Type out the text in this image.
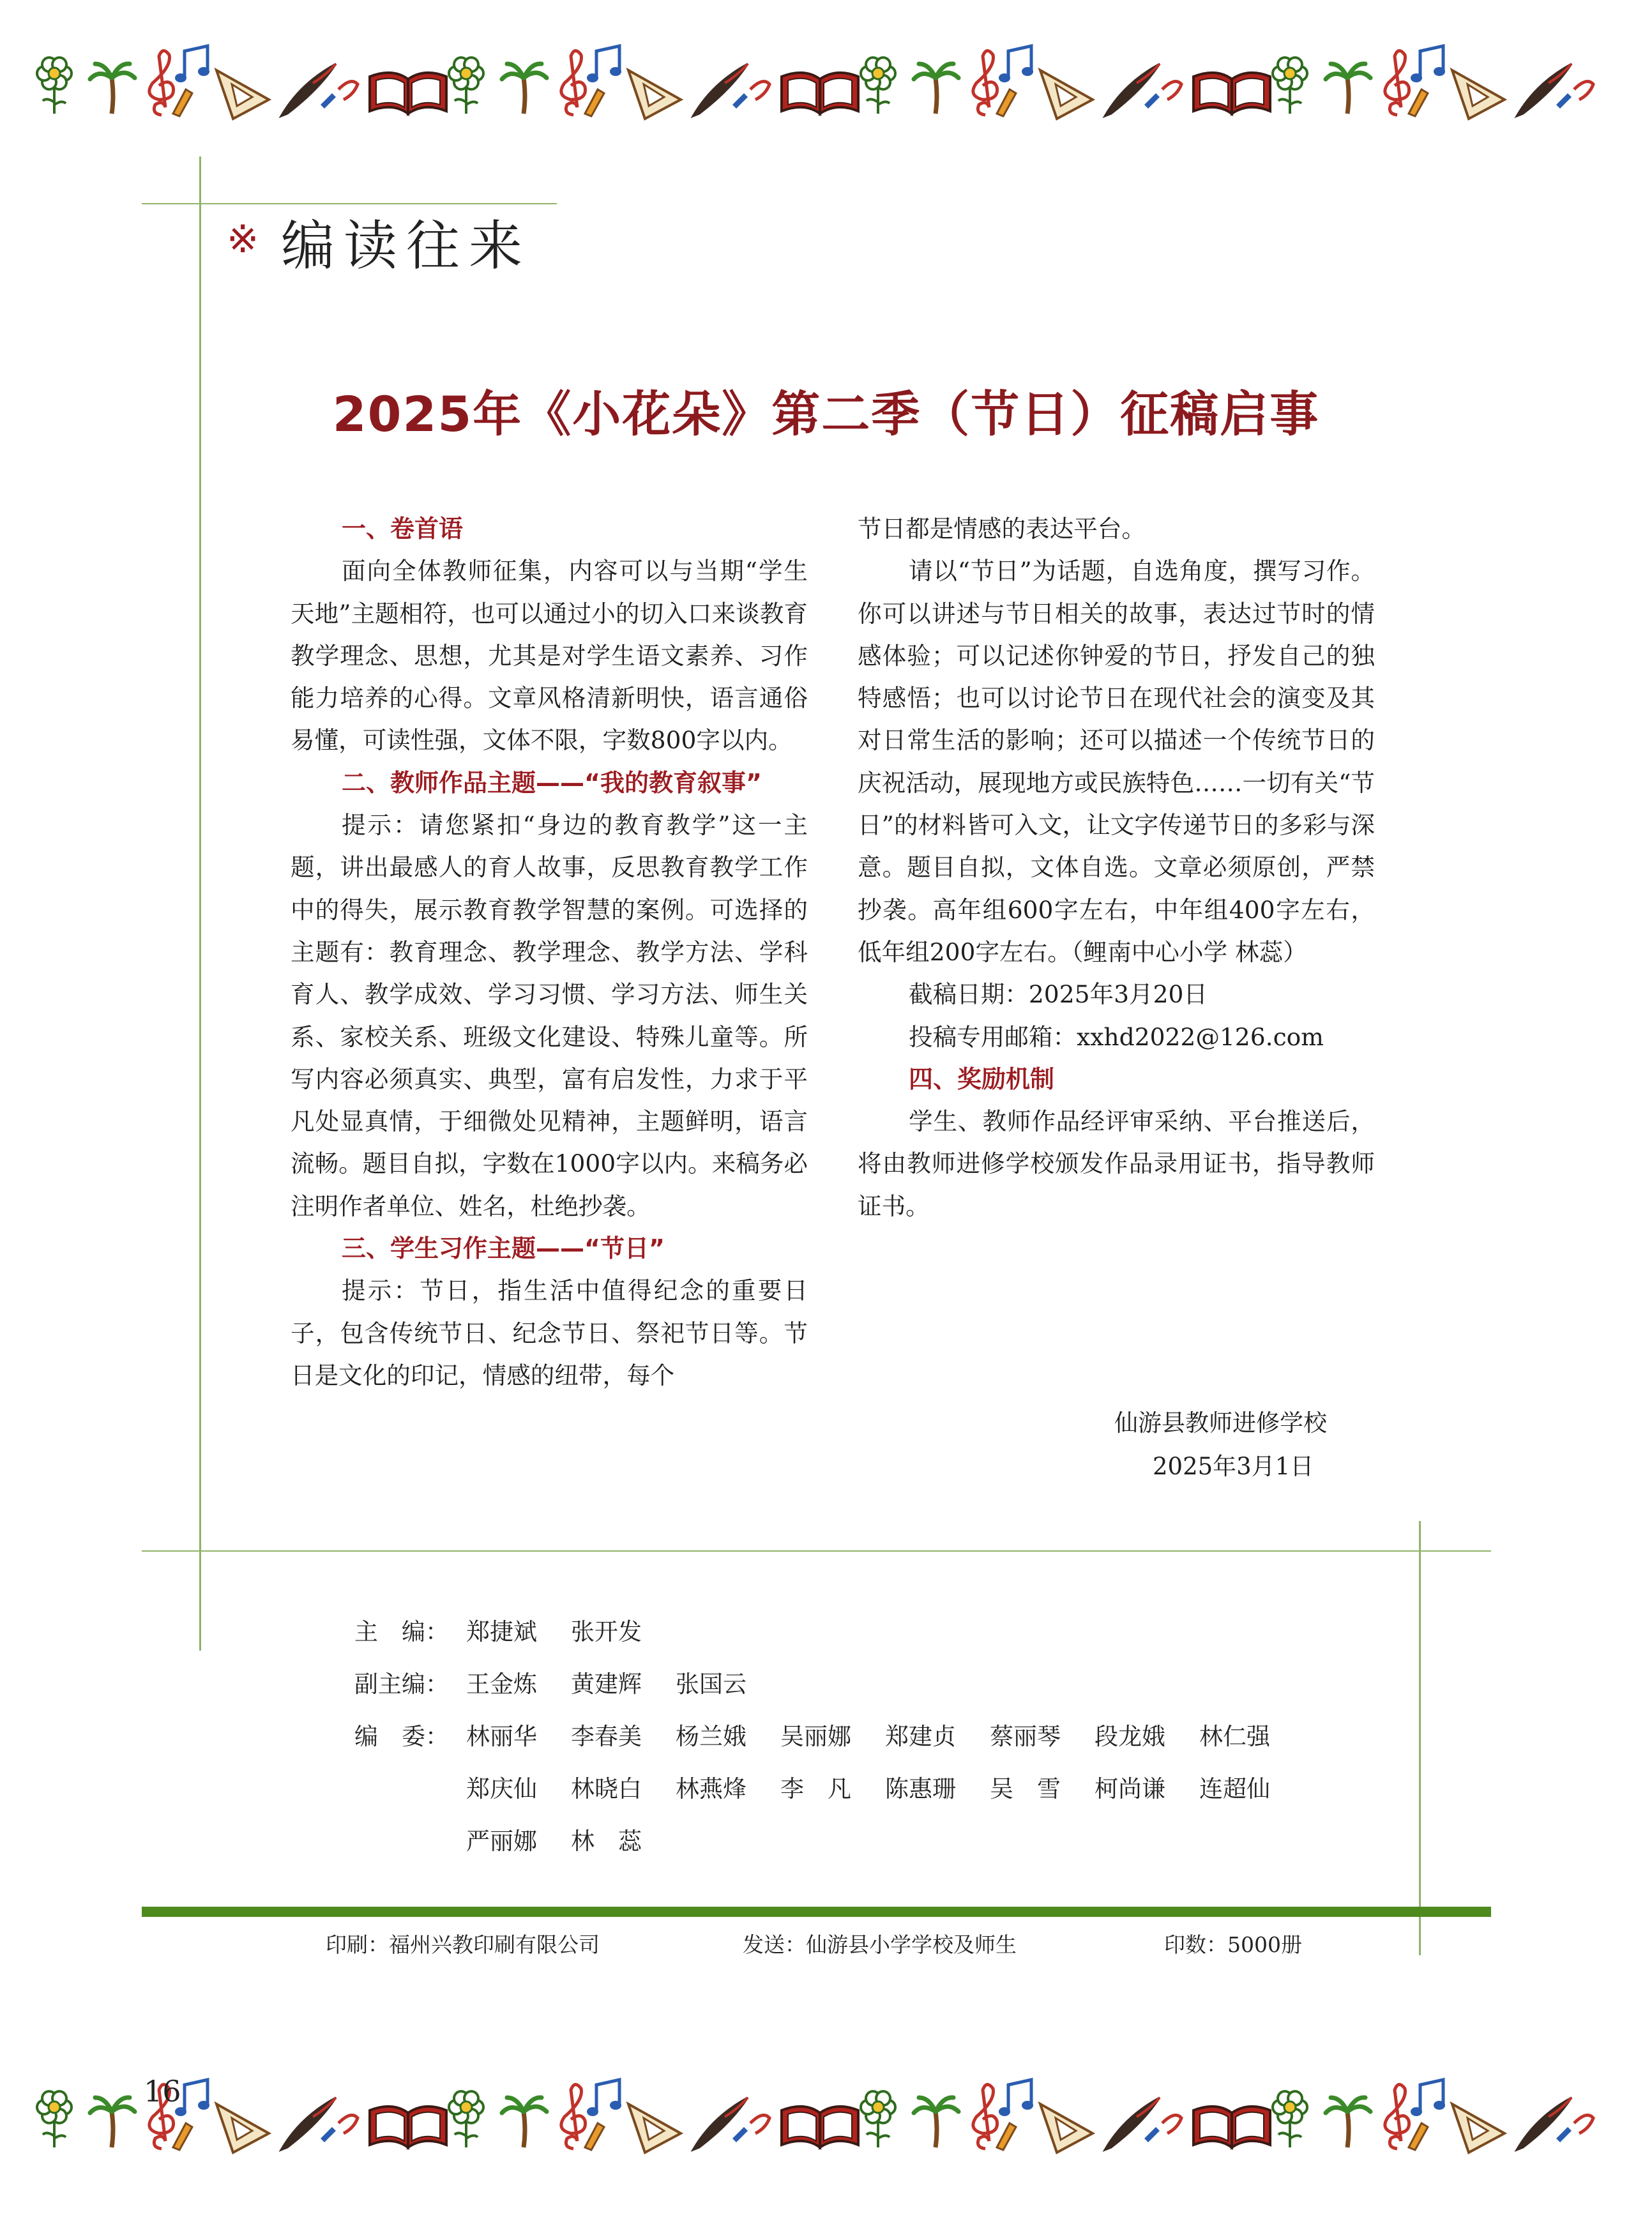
※ 编读往来
2025年《小花朵》第二季（节日）征稿启事

一、卷首语

面向全体教师征集，内容可以与当期“学生天地”主题相符，也可以通过小的切入口来谈教育教学理念、思想，尤其是对学生语文素养、习作能力培养的心得。文章风格清新明快，语言通俗易懂，可读性强，文体不限，字数800字以内。

二、教师作品主题——“我的教育叙事”

提示：请您紧扣“身边的教育教学”这一主题，讲出最感人的育人故事，反思教育教学工作中的得失，展示教育教学智慧的案例。可选择的主题有：教育理念、教学理念、教学方法、学科育人、教学成效、学习习惯、学习方法、师生关系、家校关系、班级文化建设、特殊儿童等。所写内容必须真实、典型，富有启发性，力求于平凡处显真情，于细微处见精神，主题鲜明，语言流畅。题目自拟，字数在1000字以内。来稿务必注明作者单位、姓名，杜绝抄袭。

三、学生习作主题——“节日”

提示：节日，指生活中值得纪念的重要日子，包含传统节日、纪念节日、祭祀节日等。节日是文化的印记，情感的纽带，每个

节日都是情感的表达平台。

请以“节日”为话题，自选角度，撰写习作。你可以讲述与节日相关的故事，表达过节时的情感体验；可以记述你钟爱的节日，抒发自己的独特感悟；也可以讨论节日在现代社会的演变及其对日常生活的影响；还可以描述一个传统节日的庆祝活动，展现地方或民族特色……一切有关“节日”的材料皆可入文，让文字传递节日的多彩与深意。题目自拟，文体自选。文章必须原创，严禁抄袭。高年组600字左右，中年组400字左右，低年组200字左右。（鲤南中心小学 林蕊）

截稿日期：2025年3月20日

投稿专用邮箱：xxhd2022@126.com

四、奖励机制

学生、教师作品经评审采纳、平台推送后，将由教师进修学校颁发作品录用证书，指导教师证书。

仙游县教师进修学校
2025年3月1日
主　编： 郑捷斌 张开发
副主编： 王金炼 黄建辉 张国云
编　委： 林丽华 李春美 杨兰娥 吴丽娜 郑建贞 蔡丽琴 段龙娥 林仁强
郑庆仙 林晓白 林燕烽 李　凡 陈惠珊 吴　雪 柯尚谦 连超仙
严丽娜 林　蕊
印刷：福州兴教印刷有限公司	发送：仙游县小学学校及师生	印数：5000册
16
